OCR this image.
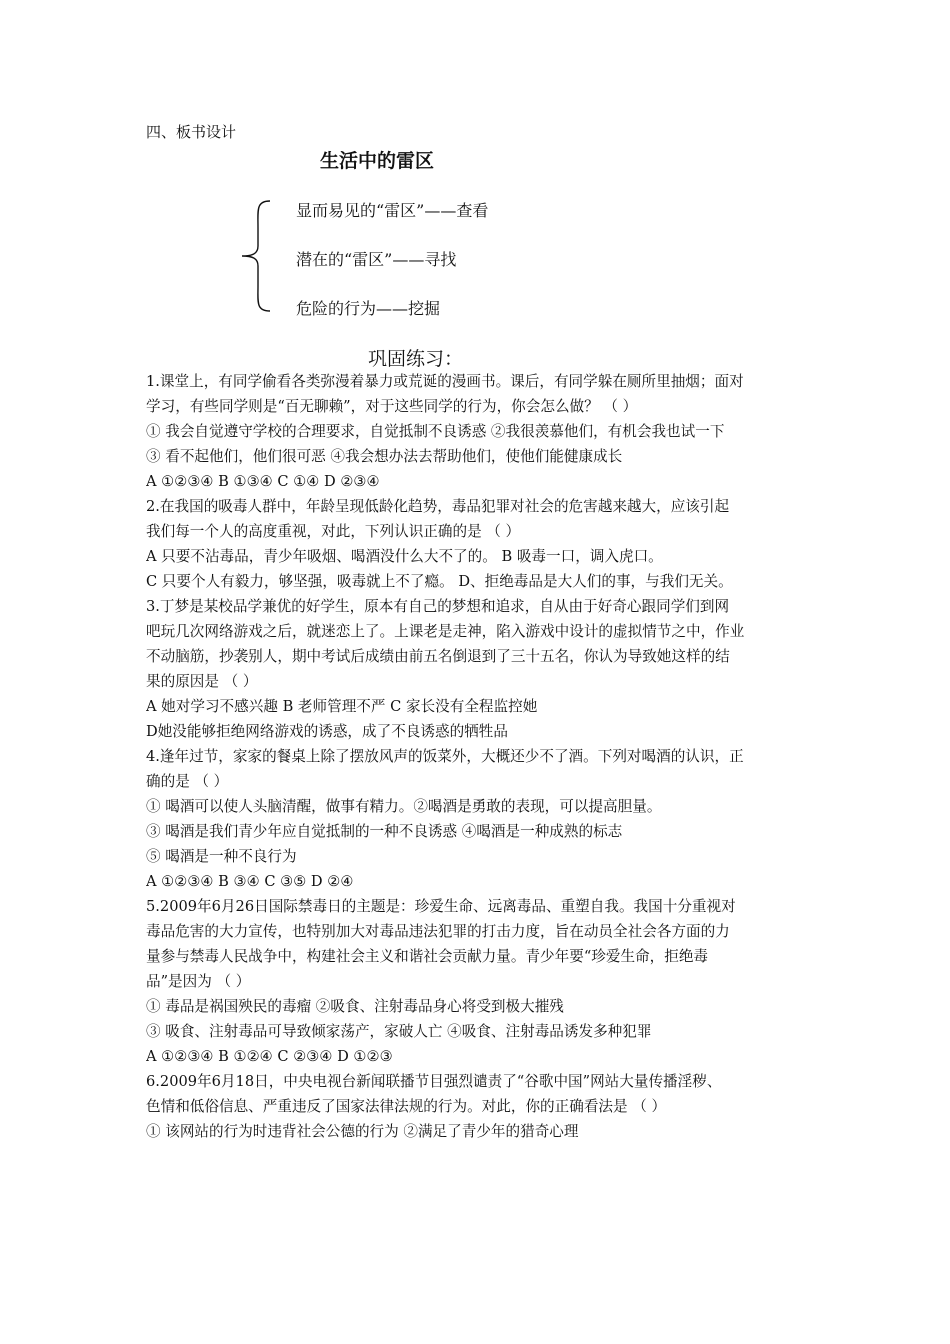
四、板书设计
生活中的雷区
显而易见的“雷区”——查看
潜在的“雷区”——寻找
危险的行为——挖掘
巩固练习：
1.课堂上，有同学偷看各类弥漫着暴力或荒诞的漫画书。课后，有同学躲在厕所里抽烟；面对
学习，有些同学则是“百无聊赖”，对于这些同学的行为，你会怎么做？ （ ）
① 我会自觉遵守学校的合理要求，自觉抵制不良诱惑 ②我很羡慕他们，有机会我也试一下
③ 看不起他们，他们很可恶 ④我会想办法去帮助他们，使他们能健康成长
A ①②③④ B ①③④ C ①④ D ②③④
2.在我国的吸毒人群中，年龄呈现低龄化趋势，毒品犯罪对社会的危害越来越大，应该引起
我们每一个人的高度重视，对此，下列认识正确的是 （ ）
A 只要不沾毒品，青少年吸烟、喝酒没什么大不了的。 B 吸毒一口，调入虎口。
C 只要个人有毅力，够坚强，吸毒就上不了瘾。 D、拒绝毒品是大人们的事，与我们无关。
3.丁梦是某校品学兼优的好学生，原本有自己的梦想和追求，自从由于好奇心跟同学们到网
吧玩几次网络游戏之后，就迷恋上了。上课老是走神，陷入游戏中设计的虚拟情节之中，作业
不动脑筋，抄袭别人，期中考试后成绩由前五名倒退到了三十五名，你认为导致她这样的结
果的原因是 （ ）
A 她对学习不感兴趣 B 老师管理不严 C 家长没有全程监控她
D她没能够拒绝网络游戏的诱惑，成了不良诱惑的牺牲品
4.逢年过节，家家的餐桌上除了摆放风声的饭菜外，大概还少不了酒。下列对喝酒的认识，正
确的是 （ ）
① 喝酒可以使人头脑清醒，做事有精力。②喝酒是勇敢的表现，可以提高胆量。
③ 喝酒是我们青少年应自觉抵制的一种不良诱惑 ④喝酒是一种成熟的标志
⑤ 喝酒是一种不良行为
A ①②③④ B ③④ C ③⑤ D ②④
5.2009年6月26日国际禁毒日的主题是：珍爱生命、远离毒品、重塑自我。我国十分重视对
毒品危害的大力宣传，也特别加大对毒品违法犯罪的打击力度，旨在动员全社会各方面的力
量参与禁毒人民战争中，构建社会主义和谐社会贡献力量。青少年要“珍爱生命，拒绝毒
品”是因为 （ ）
① 毒品是祸国殃民的毒瘤 ②吸食、注射毒品身心将受到极大摧残
③ 吸食、注射毒品可导致倾家荡产，家破人亡 ④吸食、注射毒品诱发多种犯罪
A ①②③④ B ①②④ C ②③④ D ①②③
6.2009年6月18日，中央电视台新闻联播节目强烈谴责了“谷歌中国”网站大量传播淫秽、
色情和低俗信息、严重违反了国家法律法规的行为。对此，你的正确看法是 （ ）
① 该网站的行为时违背社会公德的行为 ②满足了青少年的猎奇心理
